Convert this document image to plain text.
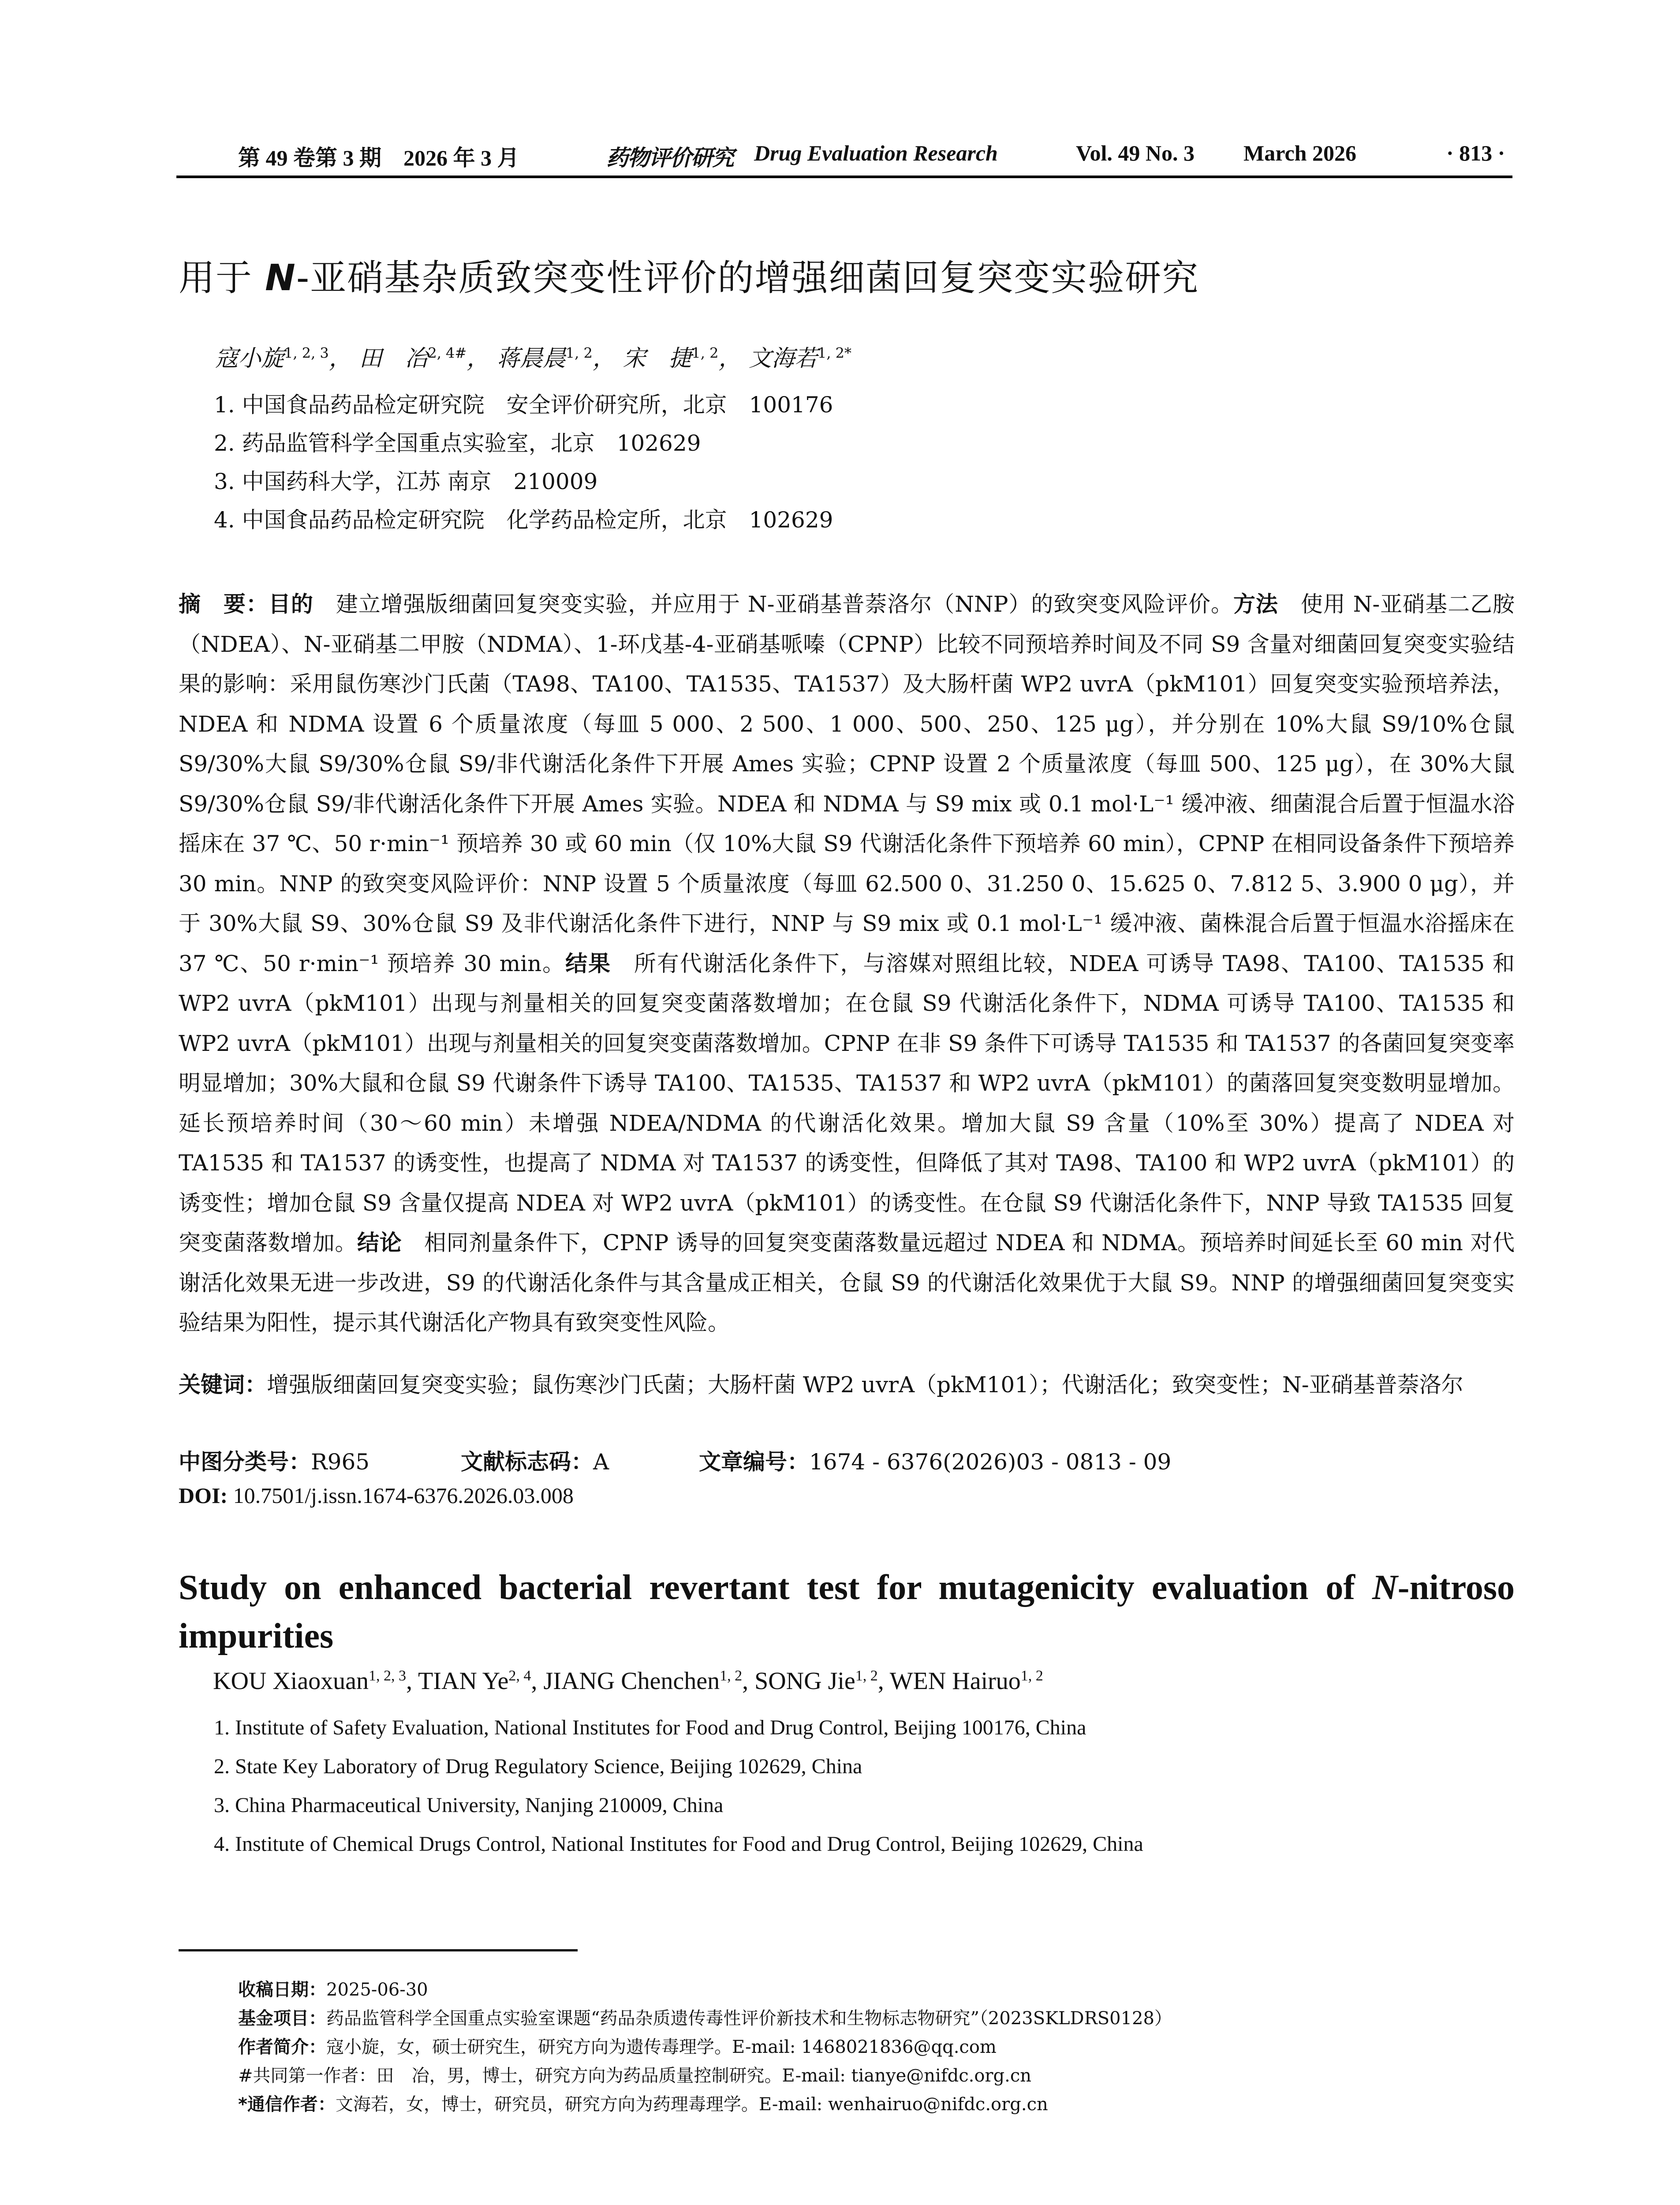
第 49 卷第 3 期　2026 年 3 月	药物评价研究 Drug Evaluation Research	Vol. 49 No. 3 March 2026	· 813 ·
用于 N-亚硝基杂质致突变性评价的增强细菌回复突变实验研究
寇小旋$^{1, 2, 3}$， 田　冶$^{2, 4\#}$， 蒋晨晨$^{1, 2}$， 宋　捷$^{1, 2}$， 文海若$^{1, 2*}$
1. 中国食品药品检定研究院　安全评价研究所，北京　100176
2. 药品监管科学全国重点实验室，北京　102629
3. 中国药科大学，江苏 南京　210009
4. 中国食品药品检定研究院　化学药品检定所，北京　102629
摘　要：目的　建立增强版细菌回复突变实验，并应用于 N-亚硝基普萘洛尔（NNP）的致突变风险评价。方法　使用 N-亚硝基二乙胺（NDEA）、N-亚硝基二甲胺（NDMA）、1-环戊基-4-亚硝基哌嗪（CPNP）比较不同预培养时间及不同 S9 含量对细菌回复突变实验结果的影响：采用鼠伤寒沙门氏菌（TA98、TA100、TA1535、TA1537）及大肠杆菌 WP2 uvrA（pkM101）回复突变实验预培养法，NDEA 和 NDMA 设置 6 个质量浓度（每皿 5 000、2 500、1 000、500、250、125 μg），并分别在 10%大鼠 S9/10%仓鼠 S9/30%大鼠 S9/30%仓鼠 S9/非代谢活化条件下开展 Ames 实验；CPNP 设置 2 个质量浓度（每皿 500、125 μg），在 30%大鼠 S9/30%仓鼠 S9/非代谢活化条件下开展 Ames 实验。NDEA 和 NDMA 与 S9 mix 或 0.1 mol·L⁻¹ 缓冲液、细菌混合后置于恒温水浴摇床在 37 ℃、50 r·min⁻¹ 预培养 30 或 60 min（仅 10%大鼠 S9 代谢活化条件下预培养 60 min），CPNP 在相同设备条件下预培养 30 min。NNP 的致突变风险评价：NNP 设置 5 个质量浓度（每皿 62.500 0、31.250 0、15.625 0、7.812 5、3.900 0 μg），并于 30%大鼠 S9、30%仓鼠 S9 及非代谢活化条件下进行，NNP 与 S9 mix 或 0.1 mol·L⁻¹ 缓冲液、菌株混合后置于恒温水浴摇床在 37 ℃、50 r·min⁻¹ 预培养 30 min。结果　所有代谢活化条件下，与溶媒对照组比较，NDEA 可诱导 TA98、TA100、TA1535 和 WP2 uvrA（pkM101）出现与剂量相关的回复突变菌落数增加；在仓鼠 S9 代谢活化条件下，NDMA 可诱导 TA100、TA1535 和 WP2 uvrA（pkM101）出现与剂量相关的回复突变菌落数增加。CPNP 在非 S9 条件下可诱导 TA1535 和 TA1537 的各菌回复突变率明显增加；30%大鼠和仓鼠 S9 代谢条件下诱导 TA100、TA1535、TA1537 和 WP2 uvrA（pkM101）的菌落回复突变数明显增加。延长预培养时间（30～60 min）未增强 NDEA/NDMA 的代谢活化效果。增加大鼠 S9 含量（10%至 30%）提高了 NDEA 对 TA1535 和 TA1537 的诱变性，也提高了 NDMA 对 TA1537 的诱变性，但降低了其对 TA98、TA100 和 WP2 uvrA（pkM101）的诱变性；增加仓鼠 S9 含量仅提高 NDEA 对 WP2 uvrA（pkM101）的诱变性。在仓鼠 S9 代谢活化条件下，NNP 导致 TA1535 回复突变菌落数增加。结论　相同剂量条件下，CPNP 诱导的回复突变菌落数量远超过 NDEA 和 NDMA。预培养时间延长至 60 min 对代谢活化效果无进一步改进，S9 的代谢活化条件与其含量成正相关，仓鼠 S9 的代谢活化效果优于大鼠 S9。NNP 的增强细菌回复突变实验结果为阳性，提示其代谢活化产物具有致突变性风险。
关键词：增强版细菌回复突变实验；鼠伤寒沙门氏菌；大肠杆菌 WP2 uvrA（pkM101）；代谢活化；致突变性；N-亚硝基普萘洛尔
中图分类号：R965	文献标志码：A	文章编号：1674 - 6376(2026)03 - 0813 - 09
DOI: 10.7501/j.issn.1674-6376.2026.03.008
Study on enhanced bacterial revertant test for mutagenicity evaluation of N-nitroso impurities
KOU Xiaoxuan$^{1, 2, 3}$, TIAN Ye$^{2, 4}$, JIANG Chenchen$^{1, 2}$, SONG Jie$^{1, 2}$, WEN Hairuo$^{1, 2}$
1. Institute of Safety Evaluation, National Institutes for Food and Drug Control, Beijing 100176, China
2. State Key Laboratory of Drug Regulatory Science, Beijing 102629, China
3. China Pharmaceutical University, Nanjing 210009, China
4. Institute of Chemical Drugs Control, National Institutes for Food and Drug Control, Beijing 102629, China
收稿日期：2025-06-30
基金项目：药品监管科学全国重点实验室课题“药品杂质遗传毒性评价新技术和生物标志物研究”（2023SKLDRS0128）
作者简介：寇小旋，女，硕士研究生，研究方向为遗传毒理学。E-mail: 1468021836@qq.com
#共同第一作者：田　冶，男，博士，研究方向为药品质量控制研究。E-mail: tianye@nifdc.org.cn
*通信作者：文海若，女，博士，研究员，研究方向为药理毒理学。E-mail: wenhairuo@nifdc.org.cn
